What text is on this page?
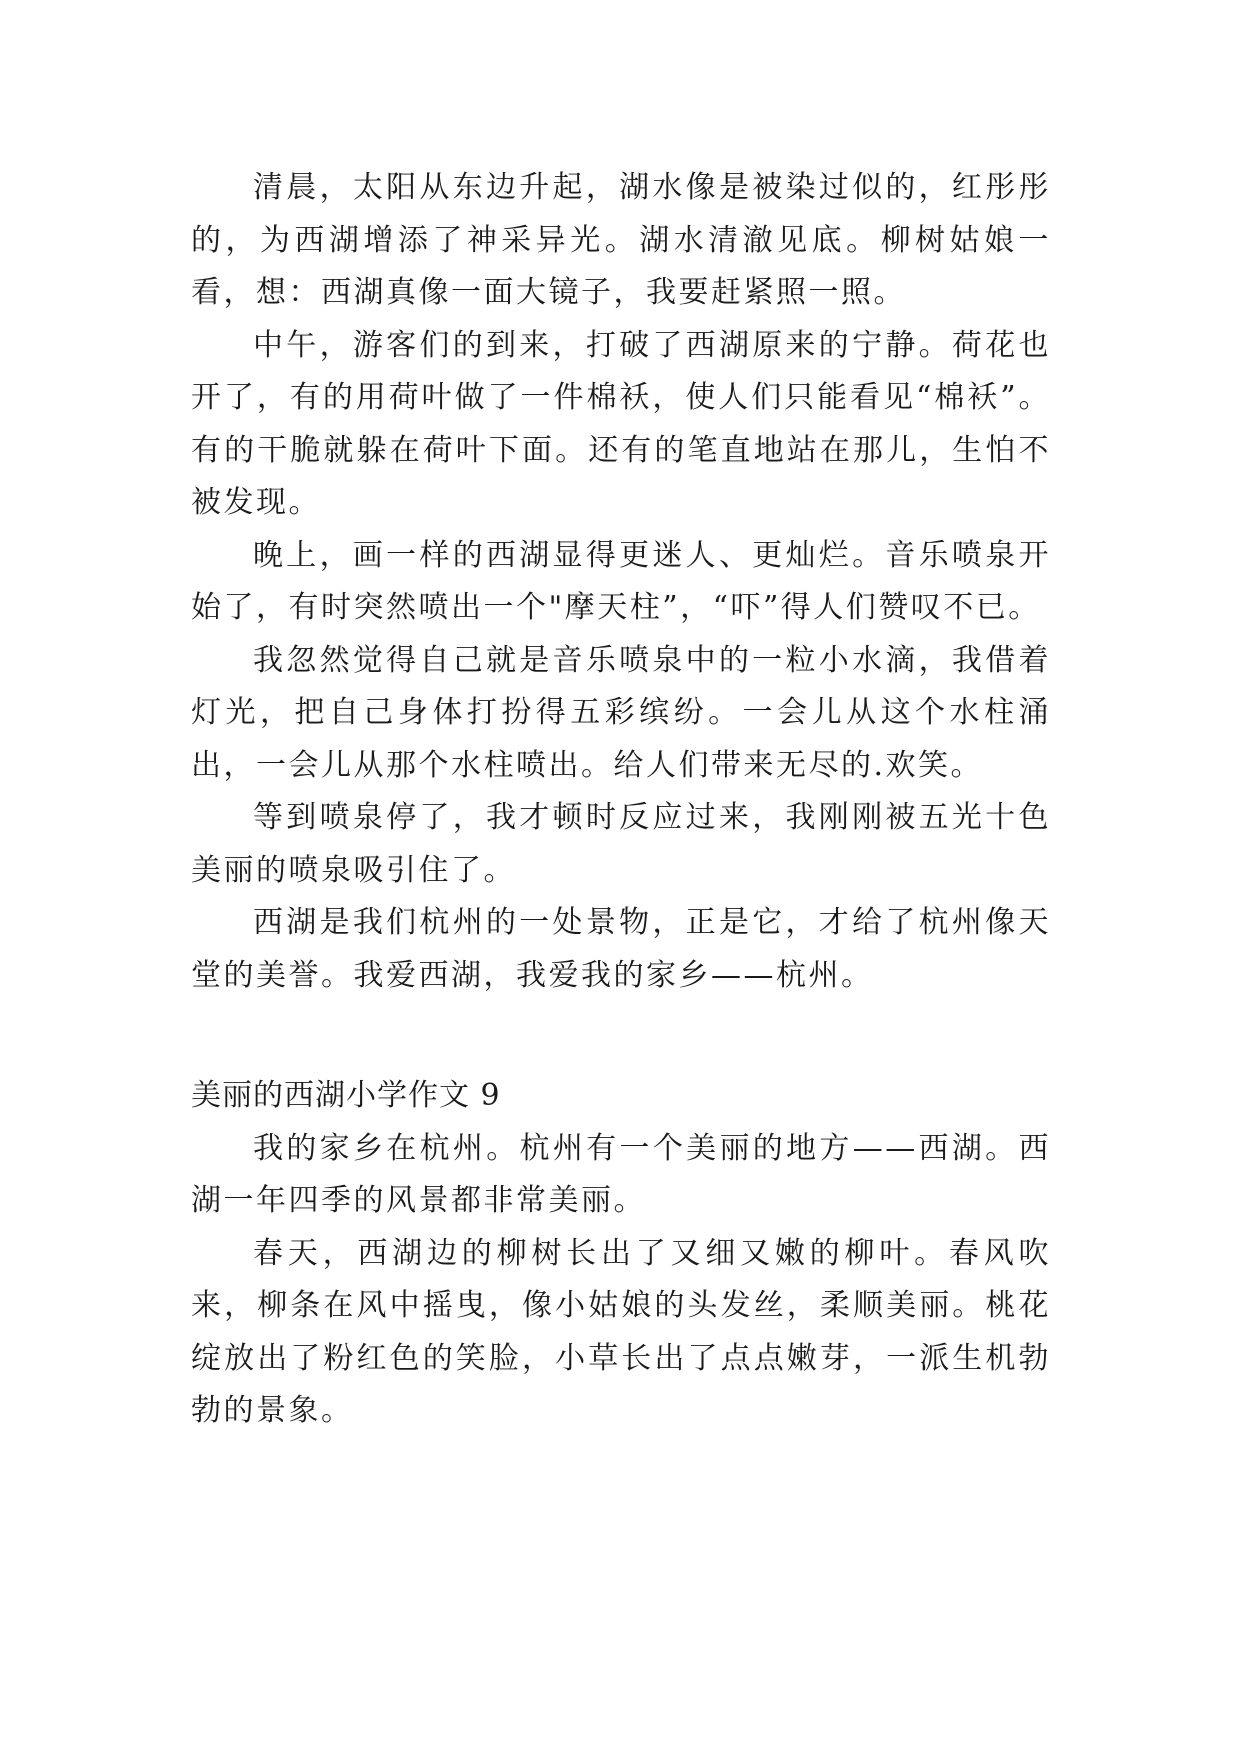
清晨，太阳从东边升起，湖水像是被染过似的，红彤彤的，为西湖增添了神采异光。湖水清澈见底。柳树姑娘一看，想：西湖真像一面大镜子，我要赶紧照一照。

中午，游客们的到来，打破了西湖原来的宁静。荷花也开了，有的用荷叶做了一件棉袄，使人们只能看见“棉袄”。有的干脆就躲在荷叶下面。还有的笔直地站在那儿，生怕不被发现。

晚上，画一样的西湖显得更迷人、更灿烂。音乐喷泉开始了，有时突然喷出一个"摩天柱”，“吓”得人们赞叹不已。

我忽然觉得自己就是音乐喷泉中的一粒小水滴，我借着灯光，把自己身体打扮得五彩缤纷。一会儿从这个水柱涌出，一会儿从那个水柱喷出。给人们带来无尽的.欢笑。

等到喷泉停了，我才顿时反应过来，我刚刚被五光十色美丽的喷泉吸引住了。

西湖是我们杭州的一处景物，正是它，才给了杭州像天堂的美誉。我爱西湖，我爱我的家乡——杭州。

美丽的西湖小学作文 9

我的家乡在杭州。杭州有一个美丽的地方——西湖。西湖一年四季的风景都非常美丽。

春天，西湖边的柳树长出了又细又嫩的柳叶。春风吹来，柳条在风中摇曳，像小姑娘的头发丝，柔顺美丽。桃花绽放出了粉红色的笑脸，小草长出了点点嫩芽，一派生机勃勃的景象。
